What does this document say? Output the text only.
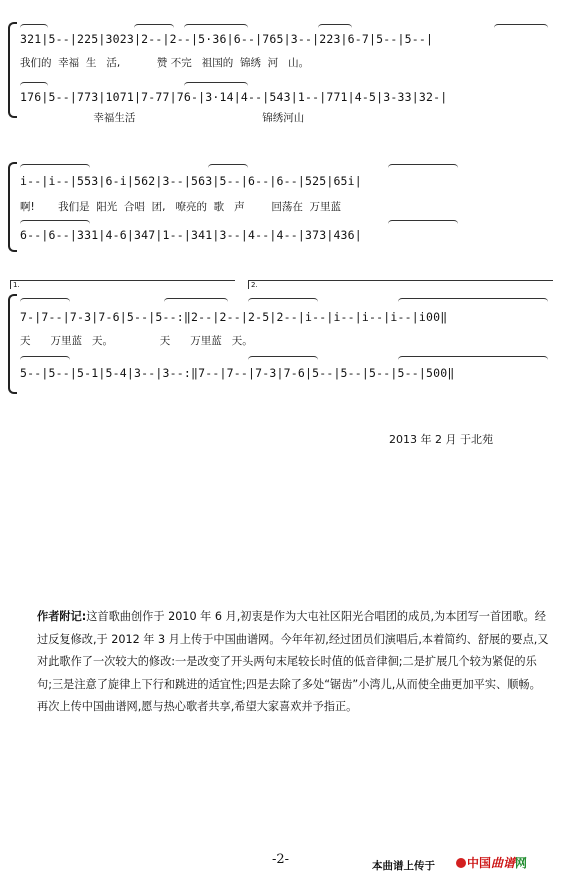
321|5--|225|3023|2--|2--|5·36|6--|765|3--|223|6-7|5--|5--|
我们的  幸福  生   活,           赞 不完   祖国的  锦绣  河   山。
176|5--|773|1071|7-77|76-|3·14|4--|543|1--|771|4-5|3-33|32-|
幸福生活                                      锦绣河山
i--|i--|553|6-i|562|3--|563|5--|6--|6--|525|65i|
啊!       我们是  阳光  合唱  团,   嘹亮的  歌   声        回荡在  万里蓝
6--|6--|331|4-6|347|1--|341|3--|4--|4--|373|436|
1.	2.
7-|7--|7-3|7-6|5--|5--:‖2--|2--|2-5|2--|i--|i--|i--|i--|i00‖
天      万里蓝   天。              天      万里蓝   天。
5--|5--|5-1|5-4|3--|3--:‖7--|7--|7-3|7-6|5--|5--|5--|5--|500‖
2013 年 2 月 于北苑
作者附记:这首歌曲创作于 2010 年 6 月,初衷是作为大屯社区阳光合唱团的成员,为本团写一首团歌。经过反复修改,于 2012 年 3 月上传于中国曲谱网。今年年初,经过团员们演唱后,本着简约、舒展的要点,又对此歌作了一次较大的修改:一是改变了开头两句末尾较长时值的低音律徊;二是扩展几个较为紧促的乐句;三是注意了旋律上下行和跳进的适宜性;四是去除了多处“锯齿”小湾儿,从而使全曲更加平实、顺畅。再次上传中国曲谱网,愿与热心歌者共享,希望大家喜欢并予指正。
-2-	本曲谱上传于	中国曲谱网
